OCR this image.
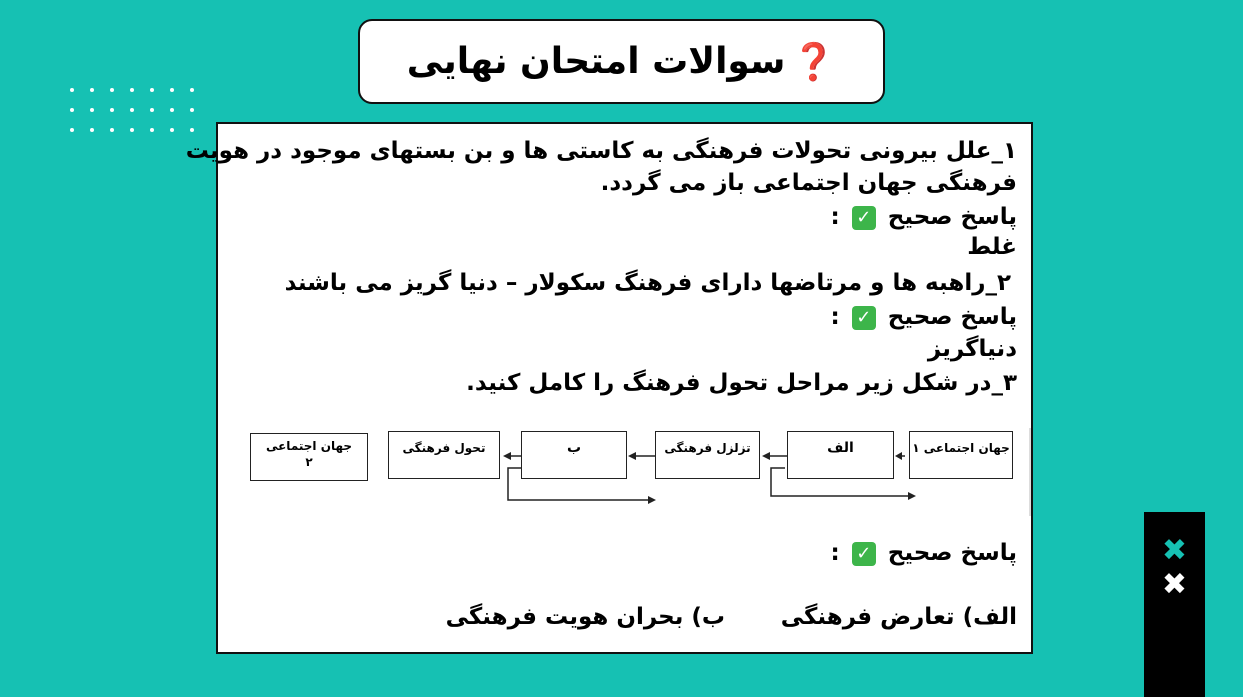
سوالات امتحان نهایی ❓
۱_علل بیرونی تحولات فرهنگی به کاستی ها و بن بستهای موجود در هویت
فرهنگی جهان اجتماعی باز می گردد.
پاسخ صحیح ✓ :
غلط
۲_راهبه ها و مرتاضها دارای فرهنگ سکولار – دنیا گریز می باشند
پاسخ صحیح ✓ :
دنیاگریز
۳_در شکل زیر مراحل تحول فرهنگ را کامل کنید.
جهان اجتماعی ۱
الف
تزلزل فرهنگی
ب
تحول فرهنگی
جهان اجتماعی
۲
پاسخ صحیح ✓ :
الف) تعارض فرهنگی
ب) بحران هویت فرهنگی
✖
✖
